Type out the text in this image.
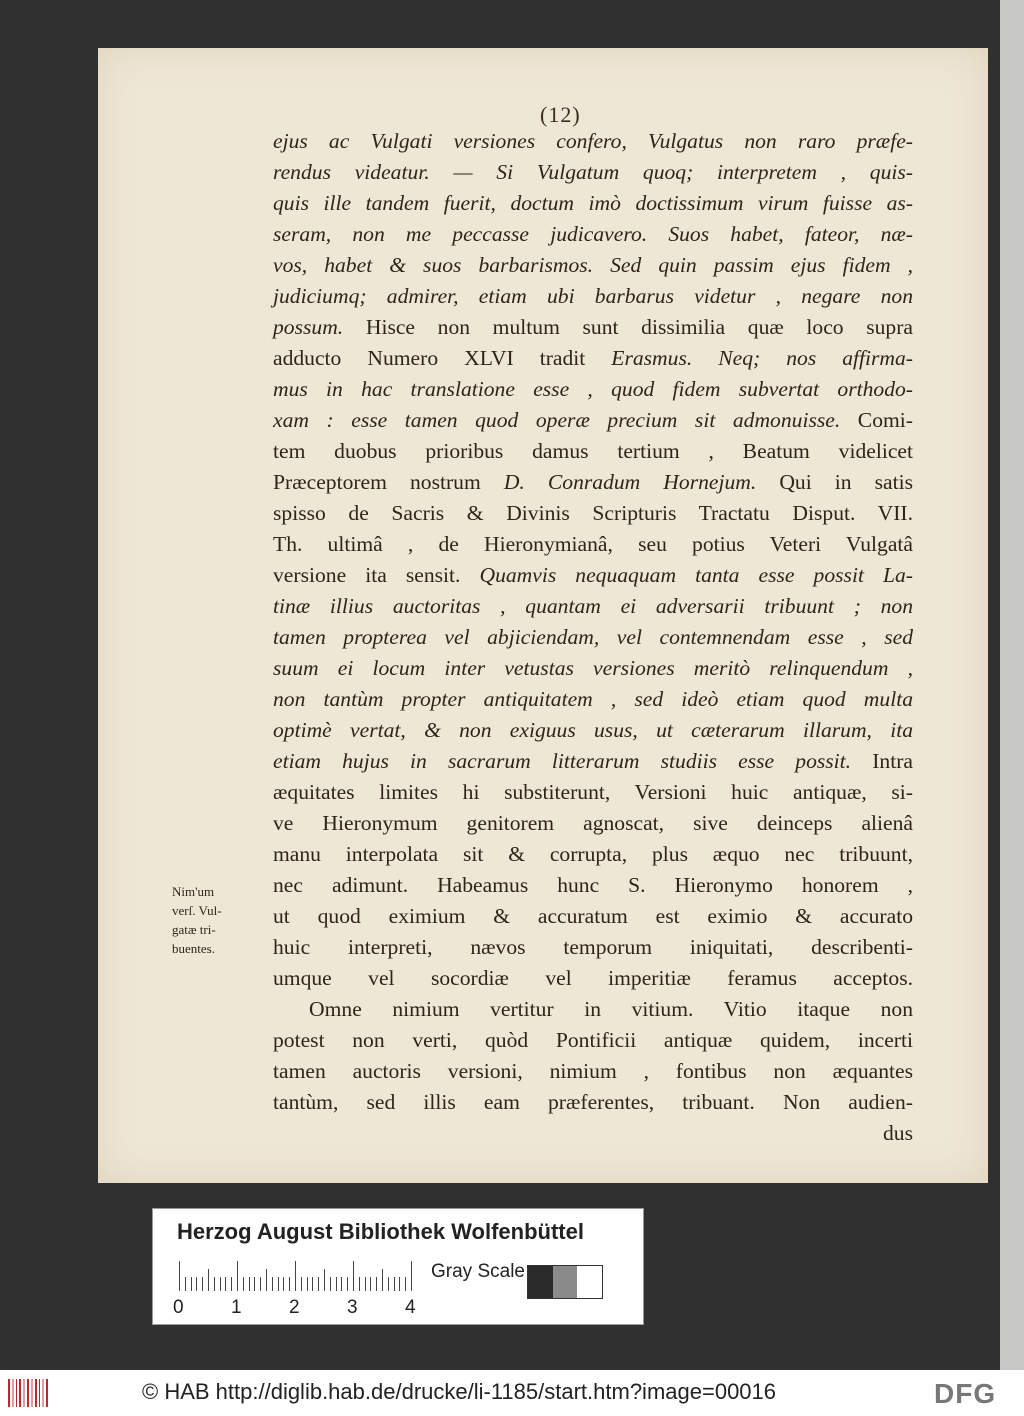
(12)
ejus ac Vulgati versiones confero, Vulgatus non raro præfe-
rendus videatur. — Si Vulgatum quoq; interpretem , quis-
quis ille tandem fuerit, doctum imò doctissimum virum fuisse as-
seram, non me peccasse judicavero. Suos habet, fateor, næ-
vos, habet & suos barbarismos. Sed quin passim ejus fidem ,
judiciumq; admirer, etiam ubi barbarus videtur , negare non
possum. Hisce non multum sunt dissimilia quæ loco supra
adducto Numero XLVI tradit Erasmus. Neq; nos affirma-
mus in hac translatione esse , quod fidem subvertat orthodo-
xam : esse tamen quod operæ precium sit admonuisse. Comi-
tem duobus prioribus damus tertium , Beatum videlicet
Præceptorem nostrum D. Conradum Hornejum. Qui in satis
spisso de Sacris & Divinis Scripturis Tractatu Disput. VII.
Th. ultimâ , de Hieronymianâ, seu potius Veteri Vulgatâ
versione ita sensit. Quamvis nequaquam tanta esse possit La-
tinæ illius auctoritas , quantam ei adversarii tribuunt ; non
tamen propterea vel abjiciendam, vel contemnendam esse , sed
suum ei locum inter vetustas versiones meritò relinquendum ,
non tantùm propter antiquitatem , sed ideò etiam quod multa
optimè vertat, & non exiguus usus, ut cæterarum illarum, ita
etiam hujus in sacrarum litterarum studiis esse possit. Intra
æquitates limites hi substiterunt, Versioni huic antiquæ, si-
ve Hieronymum genitorem agnoscat, sive deinceps alienâ
manu interpolata sit & corrupta, plus æquo nec tribuunt,
nec adimunt. Habeamus hunc S. Hieronymo honorem ,
ut quod eximium & accuratum est eximio & accurato
huic interpreti, nævos temporum iniquitati, describenti-
umque vel socordiæ vel imperitiæ feramus acceptos.
Omne nimium vertitur in vitium. Vitio itaque non
potest non verti, quòd Pontificii antiquæ quidem, incerti
tamen auctoris versioni, nimium , fontibus non æquantes
tantùm, sed illis eam præferentes, tribuant. Non audien-
dus
Nim'um
verſ. Vul-
gatæ tri-
buentes.
Herzog August Bibliothek Wolfenbüttel
0 1 2 3 4
Gray Scale
© HAB http://diglib.hab.de/drucke/li-1185/start.htm?image=00016	DFG
